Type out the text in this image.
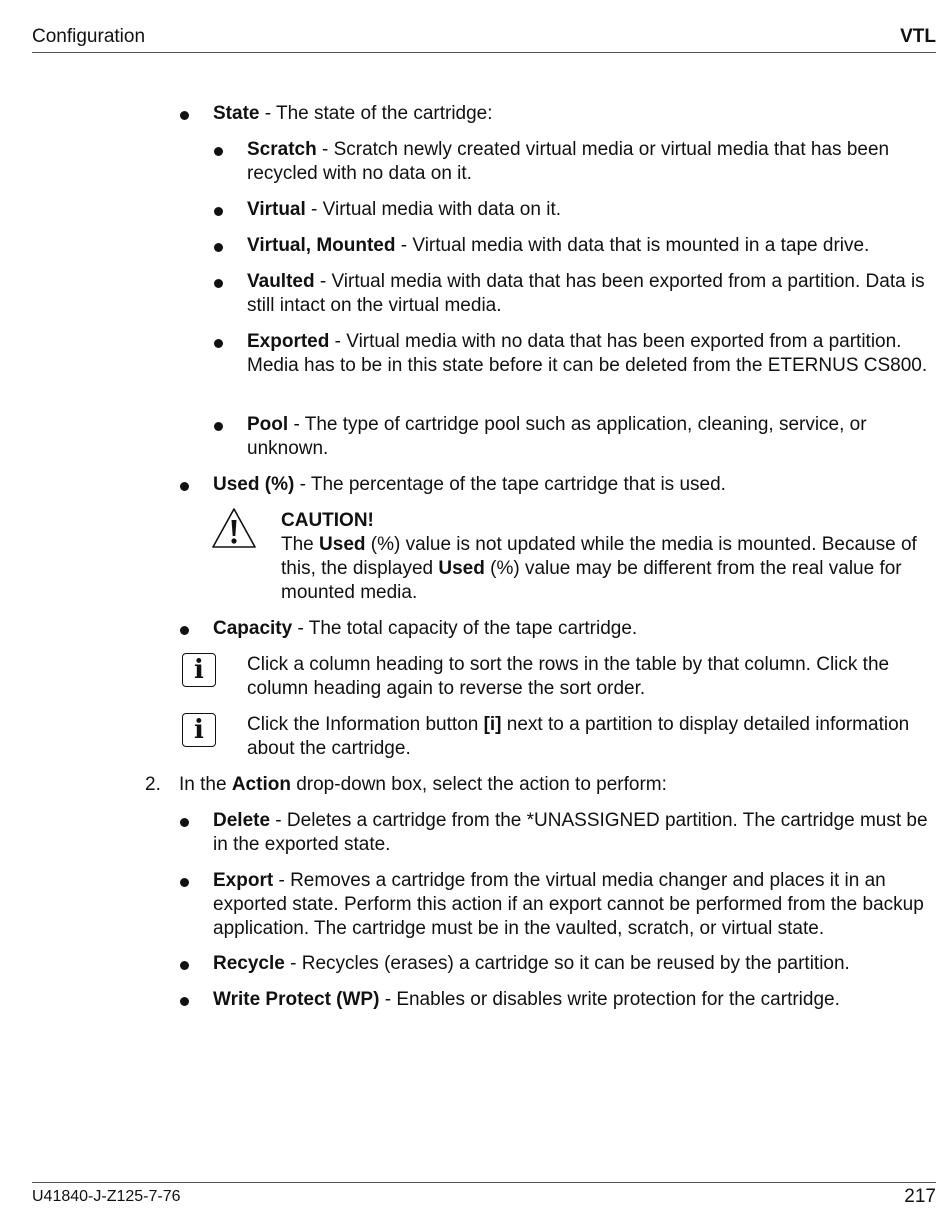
Configuration	VTL
State - The state of the cartridge:
Scratch - Scratch newly created virtual media or virtual media that has been recycled with no data on it.
Virtual - Virtual media with data on it.
Virtual, Mounted - Virtual media with data that is mounted in a tape drive.
Vaulted - Virtual media with data that has been exported from a partition. Data is still intact on the virtual media.
Exported - Virtual media with no data that has been exported from a partition. Media has to be in this state before it can be deleted from the ETERNUS CS800.
Pool - The type of cartridge pool such as application, cleaning, service, or unknown.
Used (%) - The percentage of the tape cartridge that is used.
CAUTION!
The Used (%) value is not updated while the media is mounted. Because of this, the displayed Used (%) value may be different from the real value for mounted media.
Capacity - The total capacity of the tape cartridge.
i	Click a column heading to sort the rows in the table by that column. Click the column heading again to reverse the sort order.
i	Click the Information button [i] next to a partition to display detailed information about the cartridge.
2. In the Action drop-down box, select the action to perform:
Delete - Deletes a cartridge from the *UNASSIGNED partition. The cartridge must be in the exported state.
Export - Removes a cartridge from the virtual media changer and places it in an exported state. Perform this action if an export cannot be performed from the backup application. The cartridge must be in the vaulted, scratch, or virtual state.
Recycle - Recycles (erases) a cartridge so it can be reused by the partition.
Write Protect (WP) - Enables or disables write protection for the cartridge.
U41840-J-Z125-7-76	217
